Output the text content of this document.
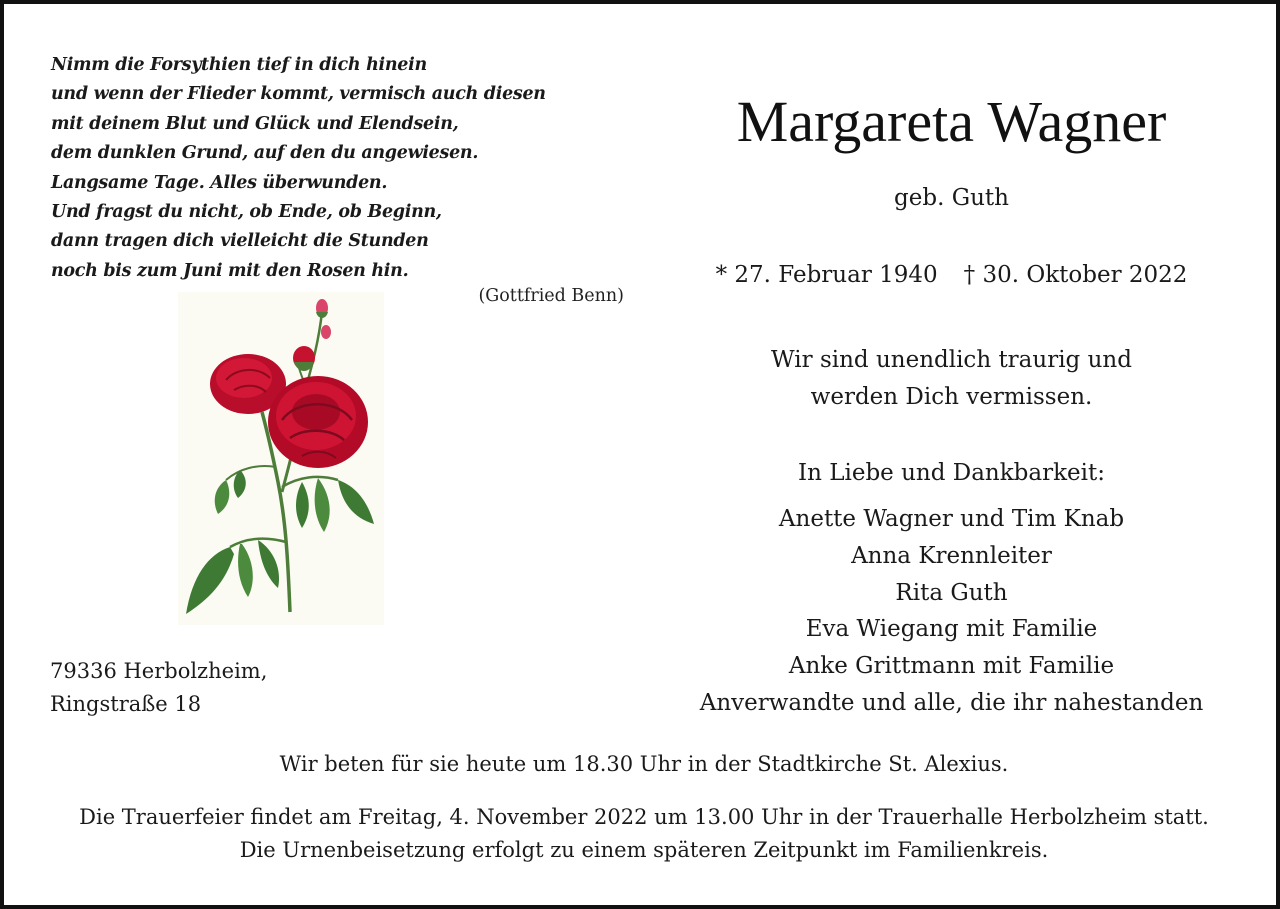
Nimm die Forsythien tief in dich hinein
und wenn der Flieder kommt, vermisch auch diesen
mit deinem Blut und Glück und Elendsein,
dem dunklen Grund, auf den du angewiesen.
Langsame Tage. Alles überwunden.
Und fragst du nicht, ob Ende, ob Beginn,
dann tragen dich vielleicht die Stunden
noch bis zum Juni mit den Rosen hin.
(Gottfried Benn)
79336 Herbolzheim,
Ringstraße 18
Margareta Wagner
geb. Guth
* 27. Februar 1940 † 30. Oktober 2022
Wir sind unendlich traurig und
werden Dich vermissen.
In Liebe und Dankbarkeit:
Anette Wagner und Tim Knab
Anna Krennleiter
Rita Guth
Eva Wiegang mit Familie
Anke Grittmann mit Familie
Anverwandte und alle, die ihr nahestanden
Wir beten für sie heute um 18.30 Uhr in der Stadtkirche St. Alexius.
Die Trauerfeier findet am Freitag, 4. November 2022 um 13.00 Uhr in der Trauerhalle Herbolzheim statt.
Die Urnenbeisetzung erfolgt zu einem späteren Zeitpunkt im Familienkreis.
